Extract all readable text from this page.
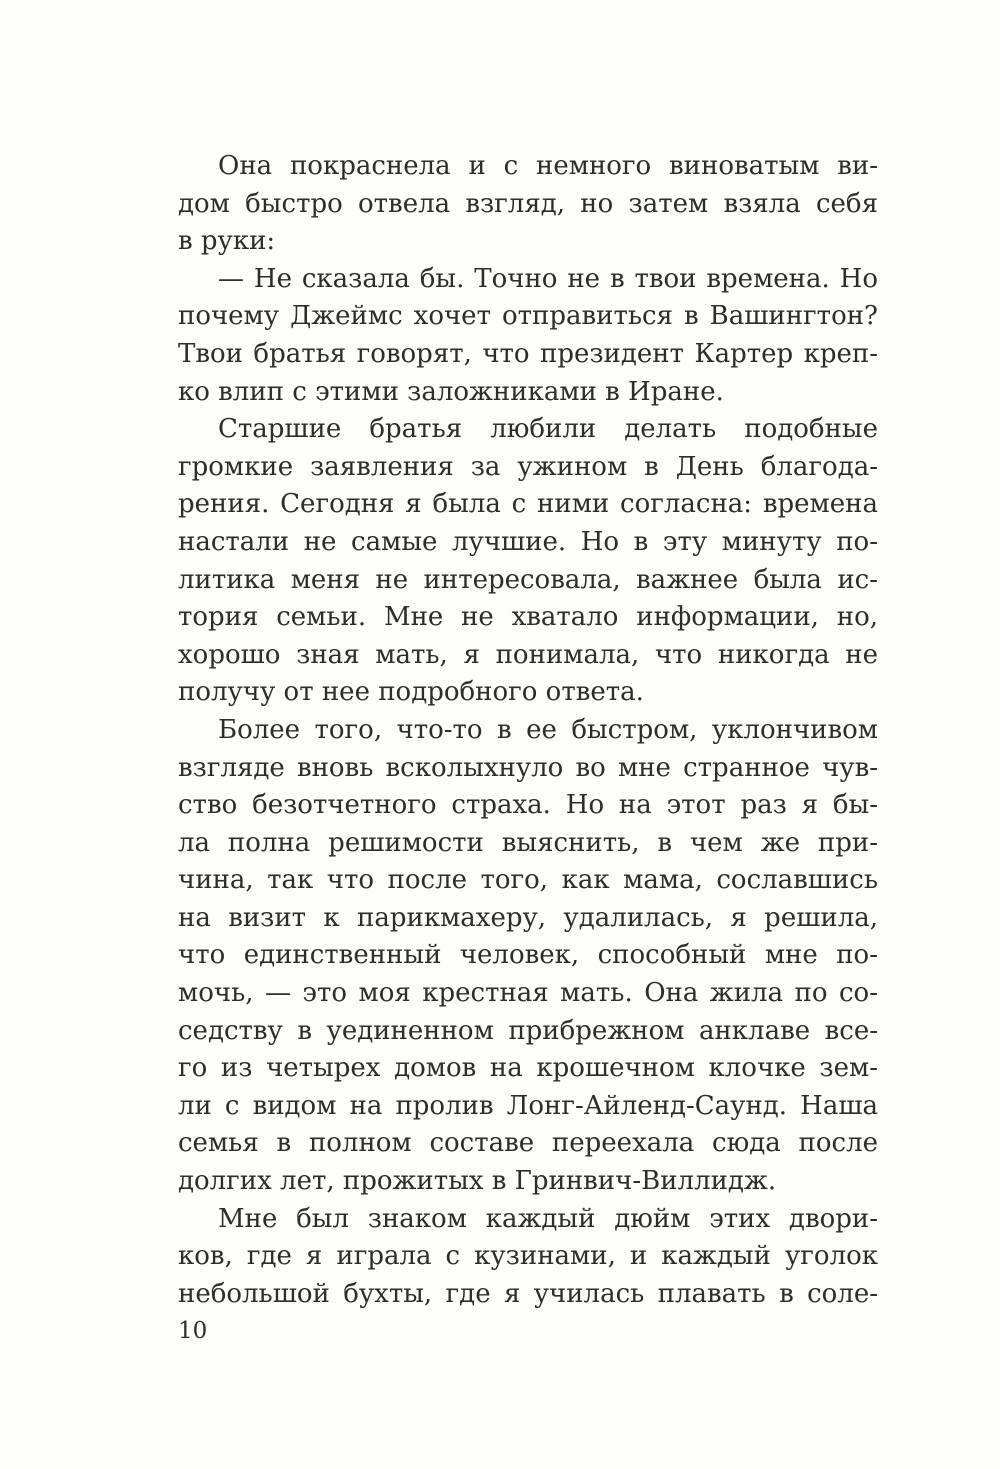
Она покраснела и с немного виноватым ви-
дом быстро отвела взгляд, но затем взяла себя
в руки:
— Не сказала бы. Точно не в твои времена. Но
почему Джеймс хочет отправиться в Вашингтон?
Твои братья говорят, что президент Картер креп-
ко влип с этими заложниками в Иране.
Старшие братья любили делать подобные
громкие заявления за ужином в День благода-
рения. Сегодня я была с ними согласна: времена
настали не самые лучшие. Но в эту минуту по-
литика меня не интересовала, важнее была ис-
тория семьи. Мне не хватало информации, но,
хорошо зная мать, я понимала, что никогда не
получу от нее подробного ответа.
Более того, что-то в ее быстром, уклончивом
взгляде вновь всколыхнуло во мне странное чув-
ство безотчетного страха. Но на этот раз я бы-
ла полна решимости выяснить, в чем же при-
чина, так что после того, как мама, сославшись
на визит к парикмахеру, удалилась, я решила,
что единственный человек, способный мне по-
мочь, — это моя крестная мать. Она жила по со-
седству в уединенном прибрежном анклаве все-
го из четырех домов на крошечном клочке зем-
ли с видом на пролив Лонг-Айленд-Саунд. Наша
семья в полном составе переехала сюда после
долгих лет, прожитых в Гринвич-Виллидж.
Мне был знаком каждый дюйм этих двори-
ков, где я играла с кузинами, и каждый уголок
небольшой бухты, где я училась плавать в соле-
10
